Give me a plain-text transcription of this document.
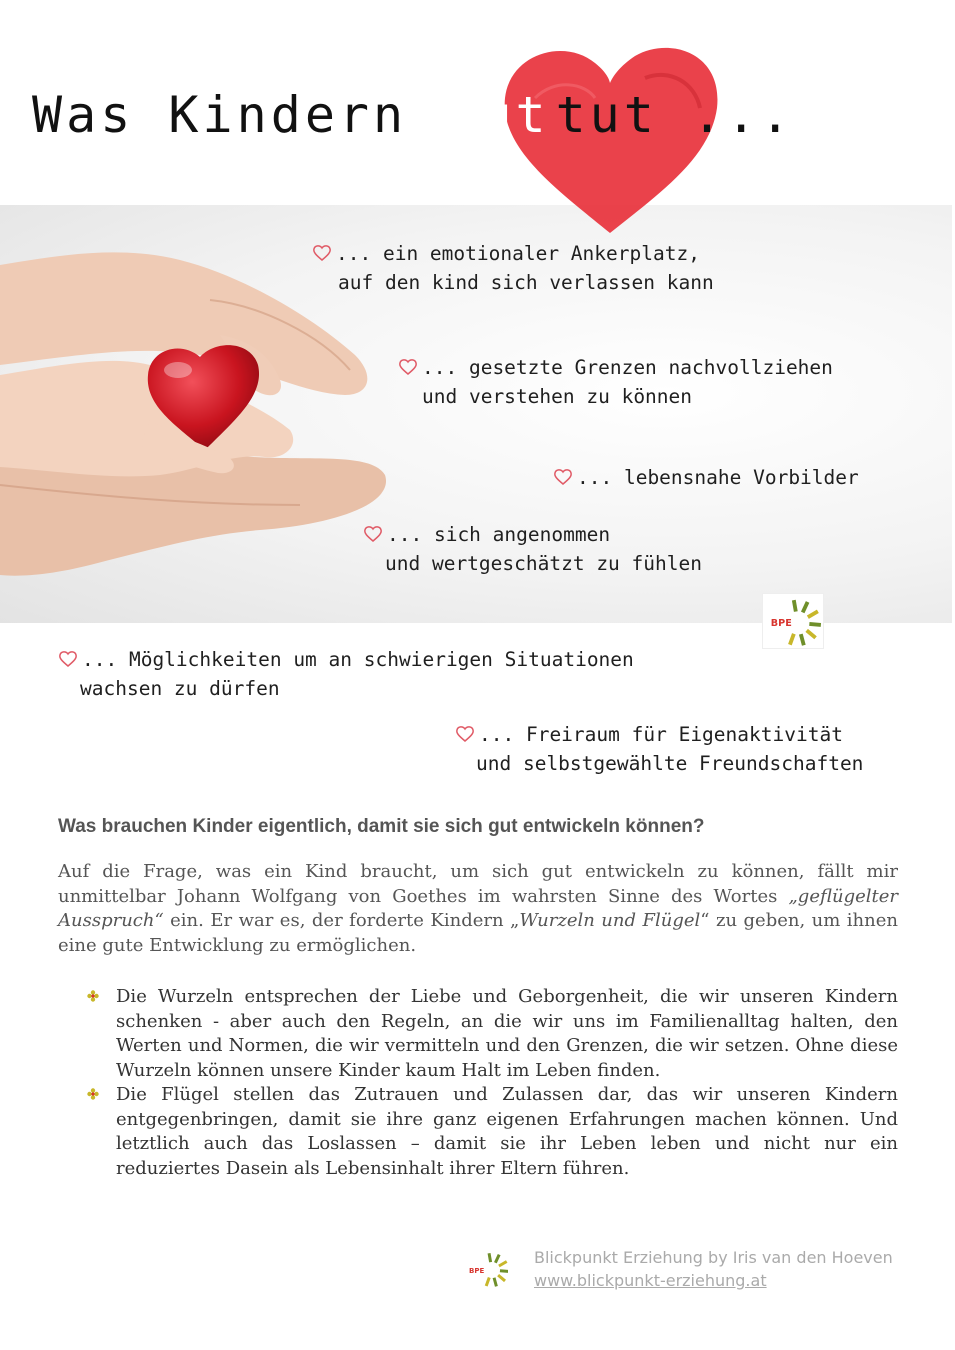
Was Kindern gut tut ...
... ein emotionaler Ankerplatz,
auf den kind sich verlassen kann
... gesetzte Grenzen nachvollziehen
und verstehen zu können
... lebensnahe Vorbilder
... sich angenommen
und wertgeschätzt zu fühlen
BPE
... Möglichkeiten um an schwierigen Situationen
wachsen zu dürfen
... Freiraum für Eigenaktivität
und selbstgewählte Freundschaften
Was brauchen Kinder eigentlich, damit sie sich gut entwickeln können?

Auf die Frage, was ein Kind braucht, um sich gut entwickeln zu können, fällt mir unmittelbar Johann Wolfgang von Goethes im wahrsten Sinne des Wortes „geflügelter Ausspruch“ ein. Er war es, der forderte Kindern „Wurzeln und Flügel“ zu geben, um ihnen eine gute Entwicklung zu ermöglichen.

Die Wurzeln entsprechen der Liebe und Geborgenheit, die wir unseren Kindern schenken - aber auch den Regeln, an die wir uns im Familienalltag halten, den Werten und Normen, die wir vermitteln und den Grenzen, die wir setzen. Ohne diese Wurzeln können unsere Kinder kaum Halt im Leben finden.
Die Flügel stellen das Zutrauen und Zulassen dar, das wir unseren Kindern entgegenbringen, damit sie ihre ganz eigenen Erfahrungen machen können. Und letztlich auch das Loslassen – damit sie ihr Leben leben und nicht nur ein reduziertes Dasein als Lebensinhalt ihrer Eltern führen.
BPE
Blickpunkt Erziehung by Iris van den Hoeven
www.blickpunkt-erziehung.at
